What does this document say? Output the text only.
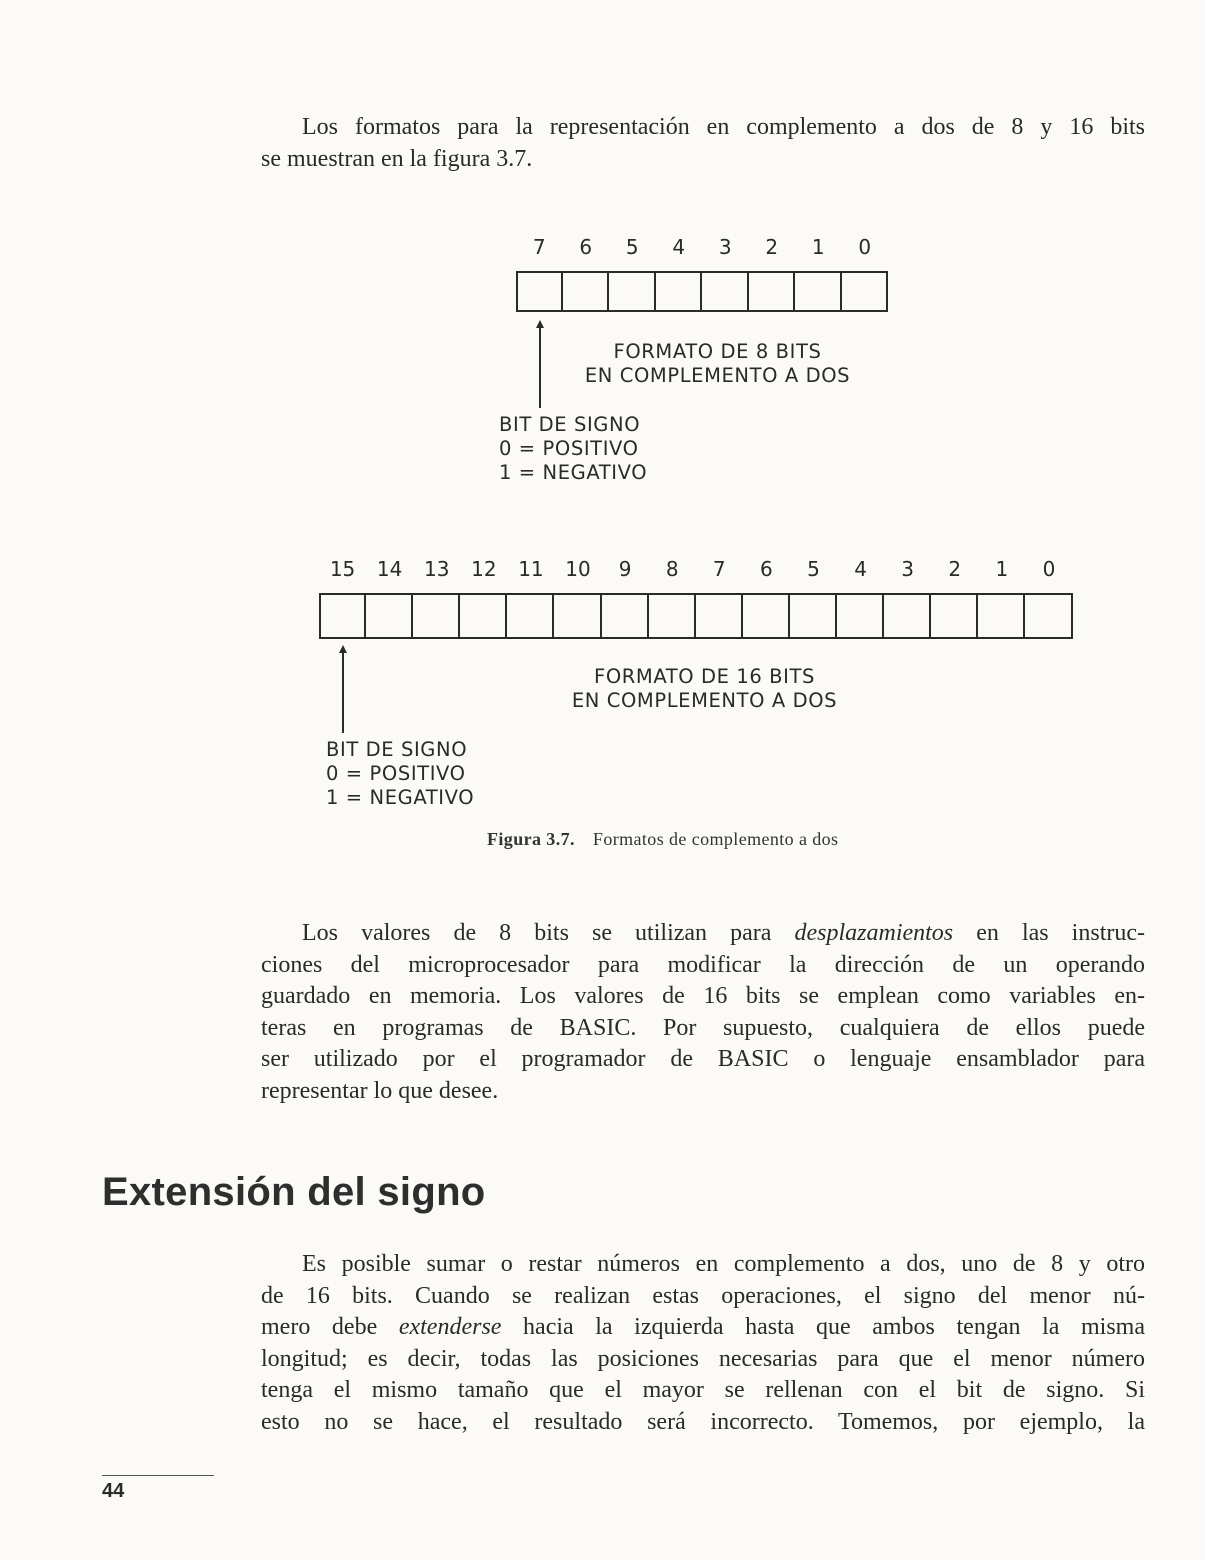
Los formatos para la representación en complemento a dos de 8 y 16 bits
se muestran en la figura 3.7.

7	6	5	4	3	2	1	0
FORMATO DE 8 BITS
EN COMPLEMENTO A DOS
BIT DE SIGNO
0 = POSITIVO
1 = NEGATIVO
15	14	13	12	11	10	9	8	7	6	5	4	3	2	1	0
FORMATO DE 16 BITS
EN COMPLEMENTO A DOS
BIT DE SIGNO
0 = POSITIVO
1 = NEGATIVO
Figura 3.7. Formatos de complemento a dos

Los valores de 8 bits se utilizan para desplazamientos en las instruc-
ciones del microprocesador para modificar la dirección de un operando
guardado en memoria. Los valores de 16 bits se emplean como variables en-
teras en programas de BASIC. Por supuesto, cualquiera de ellos puede
ser utilizado por el programador de BASIC o lenguaje ensamblador para
representar lo que desee.

Extensión del signo

Es posible sumar o restar números en complemento a dos, uno de 8 y otro
de 16 bits. Cuando se realizan estas operaciones, el signo del menor nú-
mero debe extenderse hacia la izquierda hasta que ambos tengan la misma
longitud; es decir, todas las posiciones necesarias para que el menor número
tenga el mismo tamaño que el mayor se rellenan con el bit de signo. Si
esto no se hace, el resultado será incorrecto. Tomemos, por ejemplo, la

44
